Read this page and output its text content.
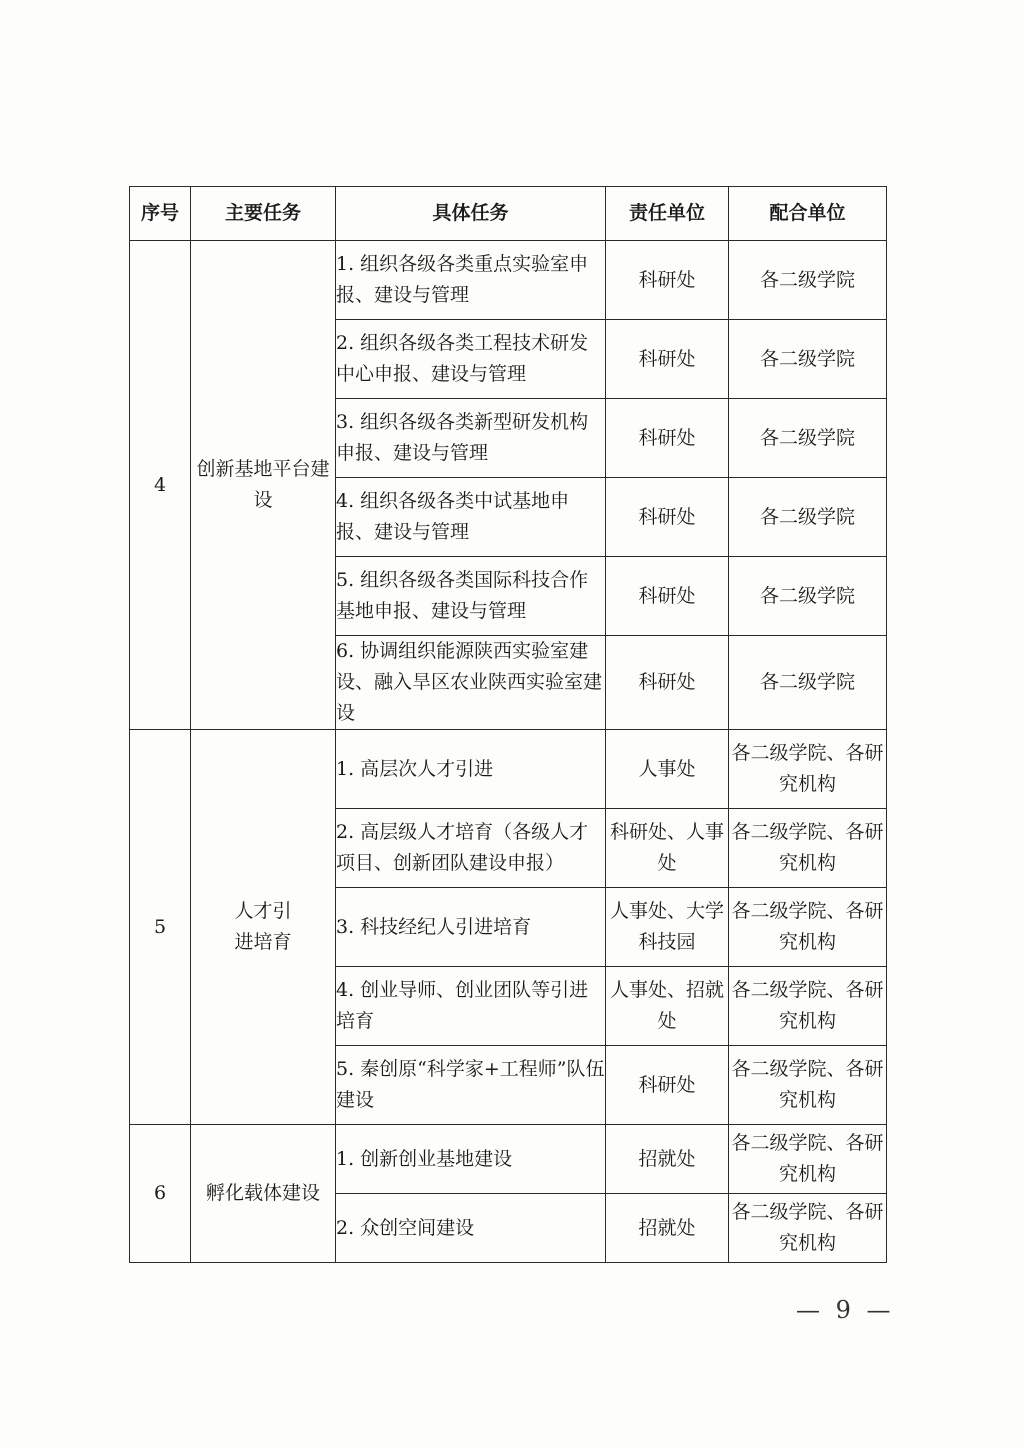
序号	主要任务	具体任务	责任单位	配合单位
4	创新基地平台建设	1. 组织各级各类重点实验室申报、建设与管理	科研处	各二级学院
		2. 组织各级各类工程技术研发中心申报、建设与管理	科研处	各二级学院
		3. 组织各级各类新型研发机构申报、建设与管理	科研处	各二级学院
		4. 组织各级各类中试基地申报、建设与管理	科研处	各二级学院
		5. 组织各级各类国际科技合作基地申报、建设与管理	科研处	各二级学院
		6. 协调组织能源陕西实验室建设、融入旱区农业陕西实验室建设	科研处	各二级学院
5	人才引进培育	1. 高层次人才引进	人事处	各二级学院、各研究机构
		2. 高层级人才培育（各级人才项目、创新团队建设申报）	科研处、人事处	各二级学院、各研究机构
		3. 科技经纪人引进培育	人事处、大学科技园	各二级学院、各研究机构
		4. 创业导师、创业团队等引进培育	人事处、招就处	各二级学院、各研究机构
		5. 秦创原“科学家+工程师”队伍建设	科研处	各二级学院、各研究机构
6	孵化载体建设	1. 创新创业基地建设	招就处	各二级学院、各研究机构
		2. 众创空间建设	招就处	各二级学院、各研究机构
— 9 —
